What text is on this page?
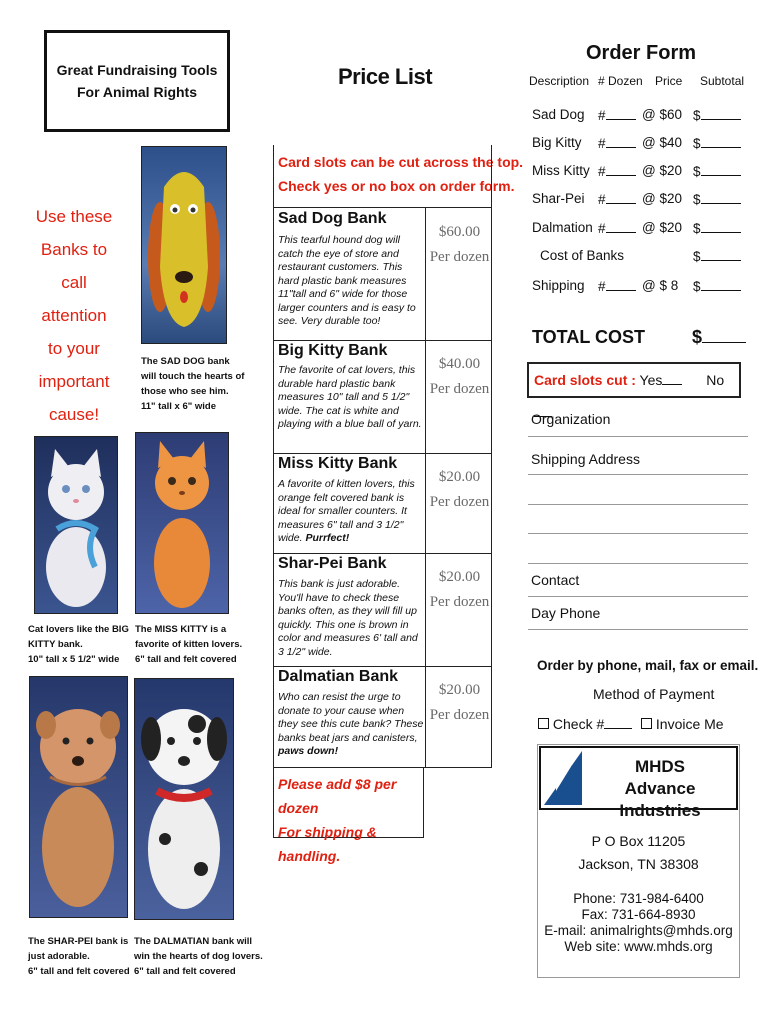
Great Fundraising Tools
For Animal Rights
Use these
Banks to
call attention
to your
important
cause!
The SAD DOG bank
will touch the hearts of
those who see him.
11" tall x 6" wide
Cat lovers like the BIG
KITTY bank.
10" tall x 5 1/2" wide
The MISS KITTY is a
favorite of kitten lovers.
6" tall and felt covered
The SHAR-PEI bank is
just adorable.
6" tall and felt covered
The DALMATIAN bank will
win the hearts of dog lovers.
6" tall and felt covered
Price List
Card slots can be cut across the top.
Check yes or no box on order form.
Sad Dog Bank
This tearful hound dog will catch the eye of store and restaurant customers. This hard plastic bank measures 11"tall and 6" wide for those larger counters and is easy to see. Very durable too!
$60.00
Per dozen
Big Kitty Bank
The favorite of cat lovers, this durable hard plastic bank measures 10" tall and 5 1/2" wide. The cat is white and playing with a blue ball of yarn.
$40.00
Per dozen
Miss Kitty Bank
A favorite of kitten lovers, this orange felt covered bank is ideal for smaller counters. It measures 6" tall and 3 1/2" wide. Purrfect!
$20.00
Per dozen
Shar-Pei Bank
This bank is just adorable. You'll have to check these banks often, as they will fill up quickly. This one is brown in color and measures 6' tall and 3 1/2" wide.
$20.00
Per dozen
Dalmatian Bank
Who can resist the urge to donate to your cause when they see this cute bank? These banks beat jars and canisters, paws down!
$20.00
Per dozen
Please add $8 per dozen
For shipping & handling.
Order Form
Description # Dozen Price Subtotal
Sad Dog #	@ $60 $
Big Kitty #	@ $40 $
Miss Kitty #	@ $20 $
Shar-Pei #	@ $20 $
Dalmation #	@ $20 $
Cost of Banks	$
Shipping #	@ $ 8 $
TOTAL COST	$
Card slots cut : Yes	No
Organization
Shipping Address
Contact
Day Phone
Order by phone, mail, fax or email.
Method of Payment
Check #	Invoice Me
MHDS
Advance Industries
P O Box 11205
Jackson, TN 38308
Phone: 731-984-6400
Fax: 731-664-8930
E-mail: animalrights@mhds.org
Web site: www.mhds.org
